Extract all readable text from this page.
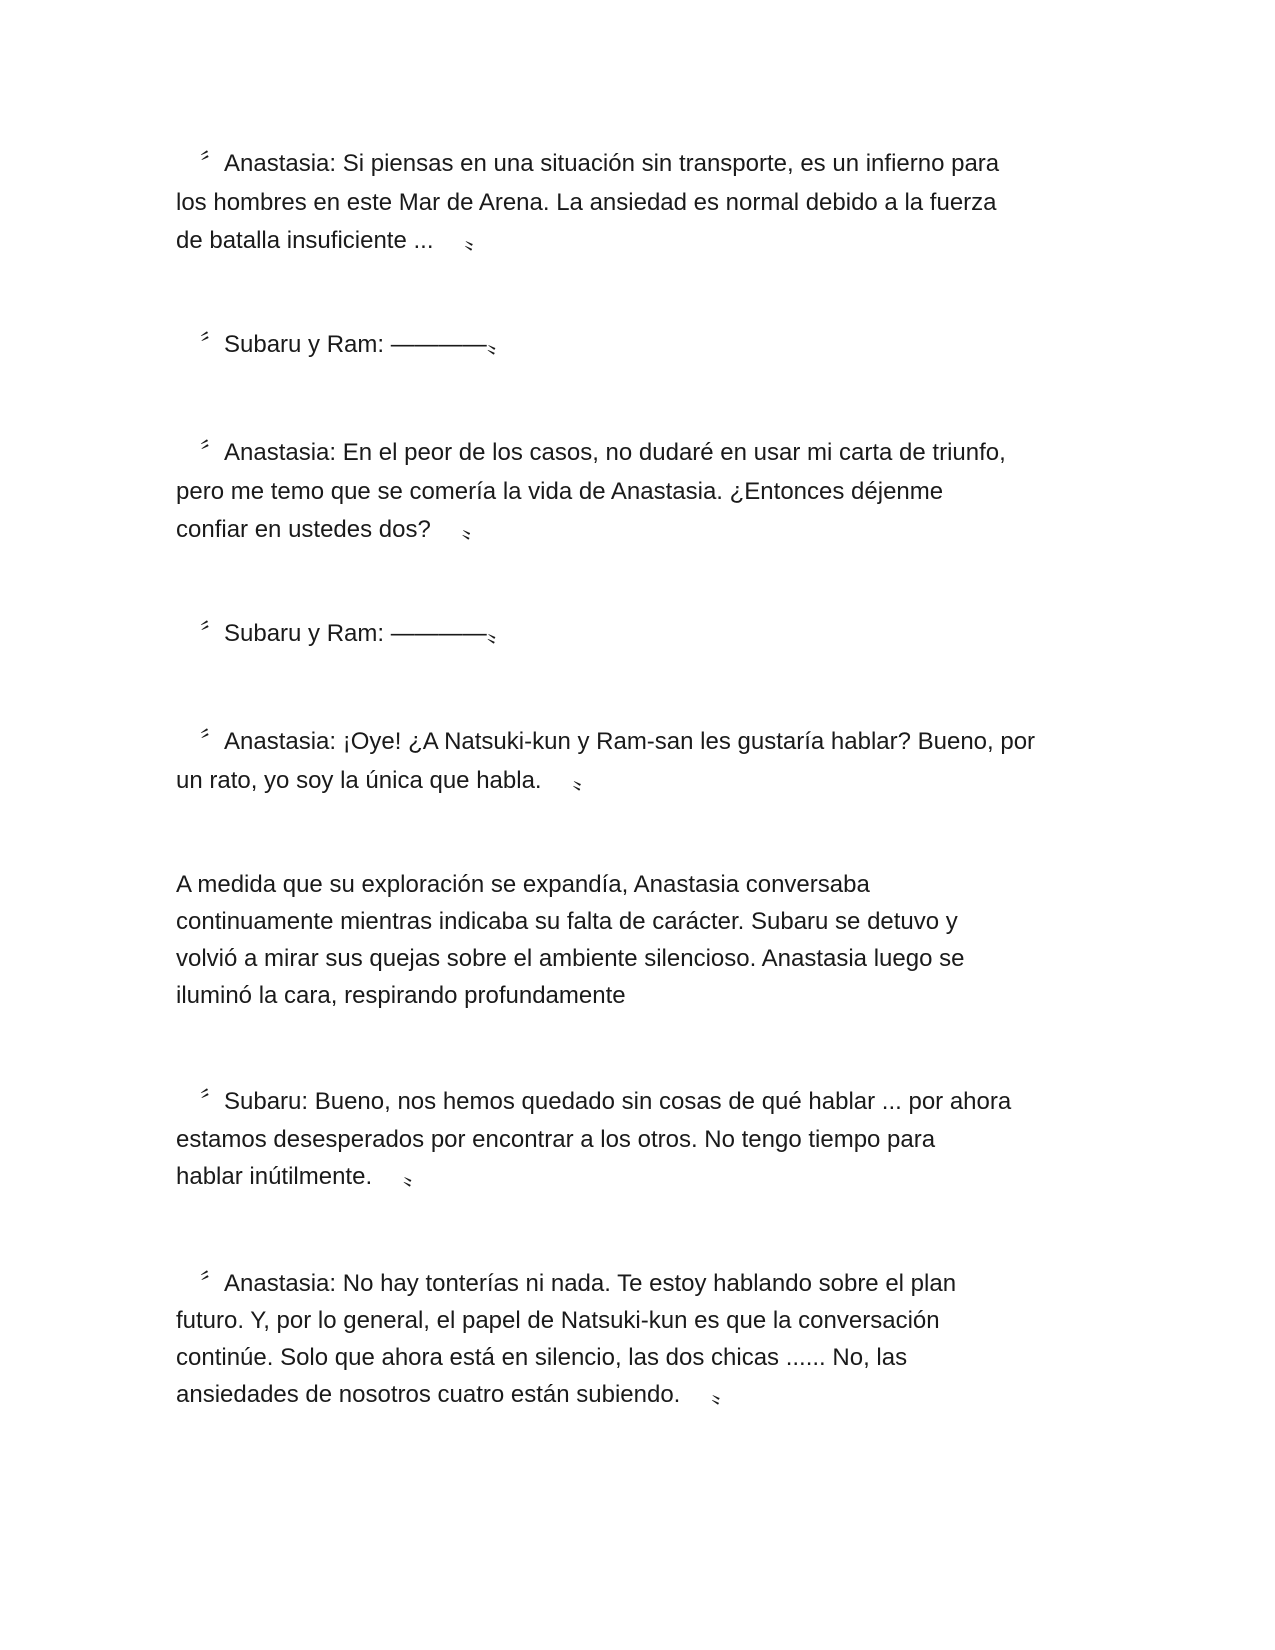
　〞Anastasia: Si piensas en una situación sin transporte, es un infierno para
los hombres en este Mar de Arena. La ansiedad es normal debido a la fuerza
de batalla insuficiente ... 　〟
　〞Subaru y Ram: ————〟
　〞Anastasia: En el peor de los casos, no dudaré en usar mi carta de triunfo,
pero me temo que se comería la vida de Anastasia. ¿Entonces déjenme
confiar en ustedes dos? 　〟
　〞Subaru y Ram: ————〟
　〞Anastasia: ¡Oye! ¿A Natsuki-kun y Ram-san les gustaría hablar? Bueno, por
un rato, yo soy la única que habla. 　〟
A medida que su exploración se expandía, Anastasia conversaba
continuamente mientras indicaba su falta de carácter. Subaru se detuvo y
volvió a mirar sus quejas sobre el ambiente silencioso. Anastasia luego se
iluminó la cara, respirando profundamente
　〞Subaru: Bueno, nos hemos quedado sin cosas de qué hablar ... por ahora
estamos desesperados por encontrar a los otros. No tengo tiempo para
hablar inútilmente. 　〟
　〞Anastasia: No hay tonterías ni nada. Te estoy hablando sobre el plan
futuro. Y, por lo general, el papel de Natsuki-kun es que la conversación
continúe. Solo que ahora está en silencio, las dos chicas ...... No, las
ansiedades de nosotros cuatro están subiendo. 　〟
